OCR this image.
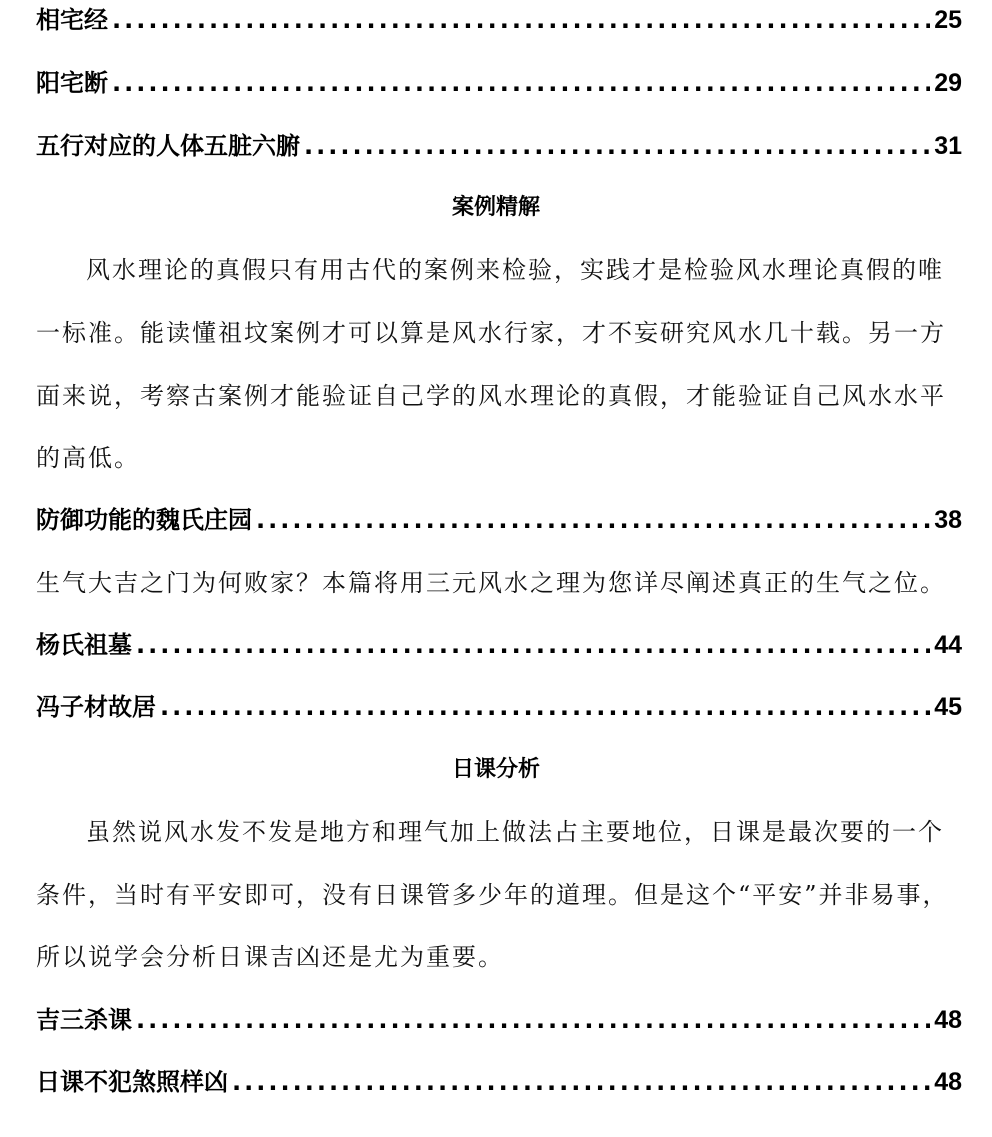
相宅经 .....	25
阳宅断 .....	29
五行对应的人体五脏六腑 .....	31
案例精解
风水理论的真假只有用古代的案例来检验，实践才是检验风水理论真假的唯
一标准。能读懂祖坟案例才可以算是风水行家，才不妄研究风水几十载。另一方
面来说，考察古案例才能验证自己学的风水理论的真假，才能验证自己风水水平
的高低。
防御功能的魏氏庄园 .....	38
生气大吉之门为何败家？本篇将用三元风水之理为您详尽阐述真正的生气之位。
杨氏祖墓 .....	44
冯子材故居 .....	45
日课分析
虽然说风水发不发是地方和理气加上做法占主要地位，日课是最次要的一个
条件，当时有平安即可，没有日课管多少年的道理。但是这个“平安”并非易事，
所以说学会分析日课吉凶还是尤为重要。
吉三杀课 .....	48
日课不犯煞照样凶 .....	48
